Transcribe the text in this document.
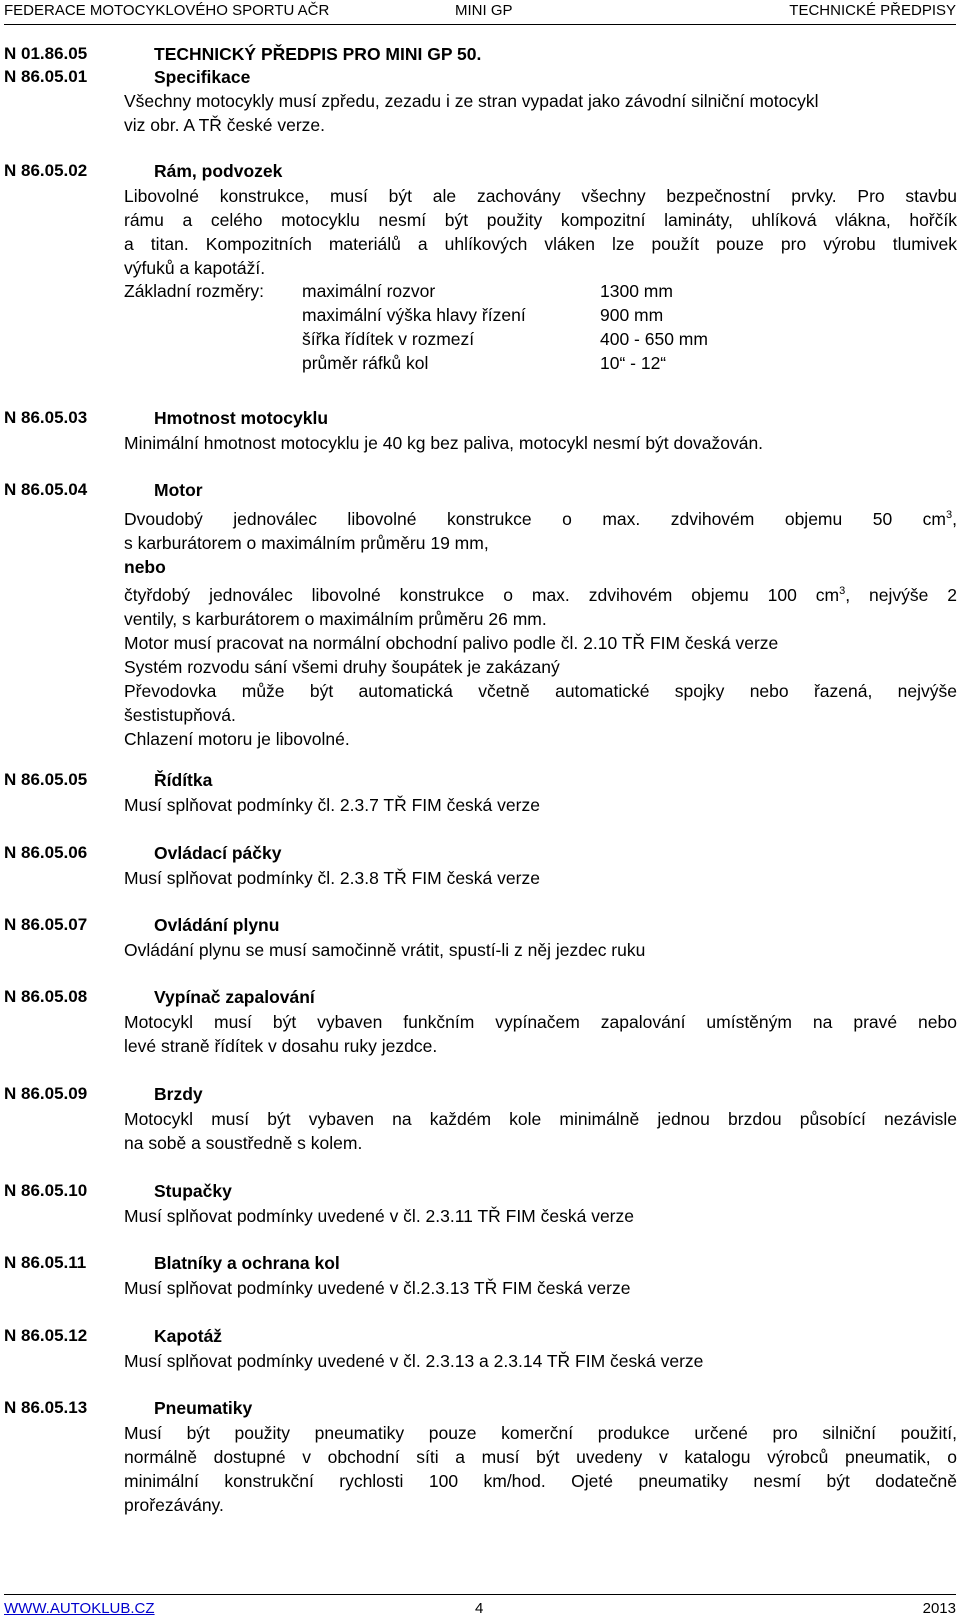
FEDERACE MOTOCYKLOVÉHO SPORTU AČR	MINI GP	TECHNICKÉ PŘEDPISY
N 01.86.05	TECHNICKÝ PŘEDPIS PRO MINI GP 50.
N 86.05.01	Specifikace

Všechny motocykly musí zpředu, zezadu i ze stran vypadat jako závodní silniční motocykl

viz obr. A TŘ české verze.

N 86.05.02	Rám, podvozek

Libovolné konstrukce, musí být ale zachovány všechny bezpečnostní prvky. Pro stavbu

rámu a celého motocyklu nesmí být použity kompozitní lamináty, uhlíková vlákna, hořčík

a titan. Kompozitních materiálů a uhlíkových vláken lze použít pouze pro výrobu tlumivek

výfuků a kapotáží.

Základní rozměry: maximální rozvor	1300 mm
maximální výška hlavy řízení	900 mm
šířka řídítek v rozmezí	400 - 650 mm
průměr ráfků kol	10“ - 12“
N 86.05.03	Hmotnost motocyklu

Minimální hmotnost motocyklu je 40 kg bez paliva, motocykl nesmí být dovažován.

N 86.05.04	Motor

Dvoudobý jednoválec libovolné konstrukce o max. zdvihovém objemu 50 $cm^3$,

s karburátorem o maximálním průměru 19 mm,

nebo

čtyřdobý jednoválec libovolné konstrukce o max. zdvihovém objemu 100 $cm^3$, nejvýše 2

ventily, s karburátorem o maximálním průměru 26 mm.

Motor musí pracovat na normální obchodní palivo podle čl. 2.10 TŘ FIM česká verze

Systém rozvodu sání všemi druhy šoupátek je zakázaný

Převodovka může být automatická včetně automatické spojky nebo řazená, nejvýše

šestistupňová.

Chlazení motoru je libovolné.

N 86.05.05	Řídítka

Musí splňovat podmínky čl. 2.3.7 TŘ FIM česká verze

N 86.05.06	Ovládací páčky

Musí splňovat podmínky čl. 2.3.8 TŘ FIM česká verze

N 86.05.07	Ovládání plynu

Ovládání plynu se musí samočinně vrátit, spustí-li z něj jezdec ruku

N 86.05.08	Vypínač zapalování

Motocykl musí být vybaven funkčním vypínačem zapalování umístěným na pravé nebo

levé straně řídítek v dosahu ruky jezdce.

N 86.05.09	Brzdy

Motocykl musí být vybaven na každém kole minimálně jednou brzdou působící nezávisle

na sobě a soustředně s kolem.

N 86.05.10	Stupačky

Musí splňovat podmínky uvedené v čl. 2.3.11 TŘ FIM česká verze

N 86.05.11	Blatníky a ochrana kol

Musí splňovat podmínky uvedené v čl.2.3.13 TŘ FIM česká verze

N 86.05.12	Kapotáž

Musí splňovat podmínky uvedené v čl. 2.3.13 a 2.3.14 TŘ FIM česká verze

N 86.05.13	Pneumatiky

Musí být použity pneumatiky pouze komerční produkce určené pro silniční použití,

normálně dostupné v obchodní síti a musí být uvedeny v katalogu výrobců pneumatik, o

minimální konstrukční rychlosti 100 km/hod. Ojeté pneumatiky nesmí být dodatečně

prořezávány.

WWW.AUTOKLUB.CZ	4	2013
